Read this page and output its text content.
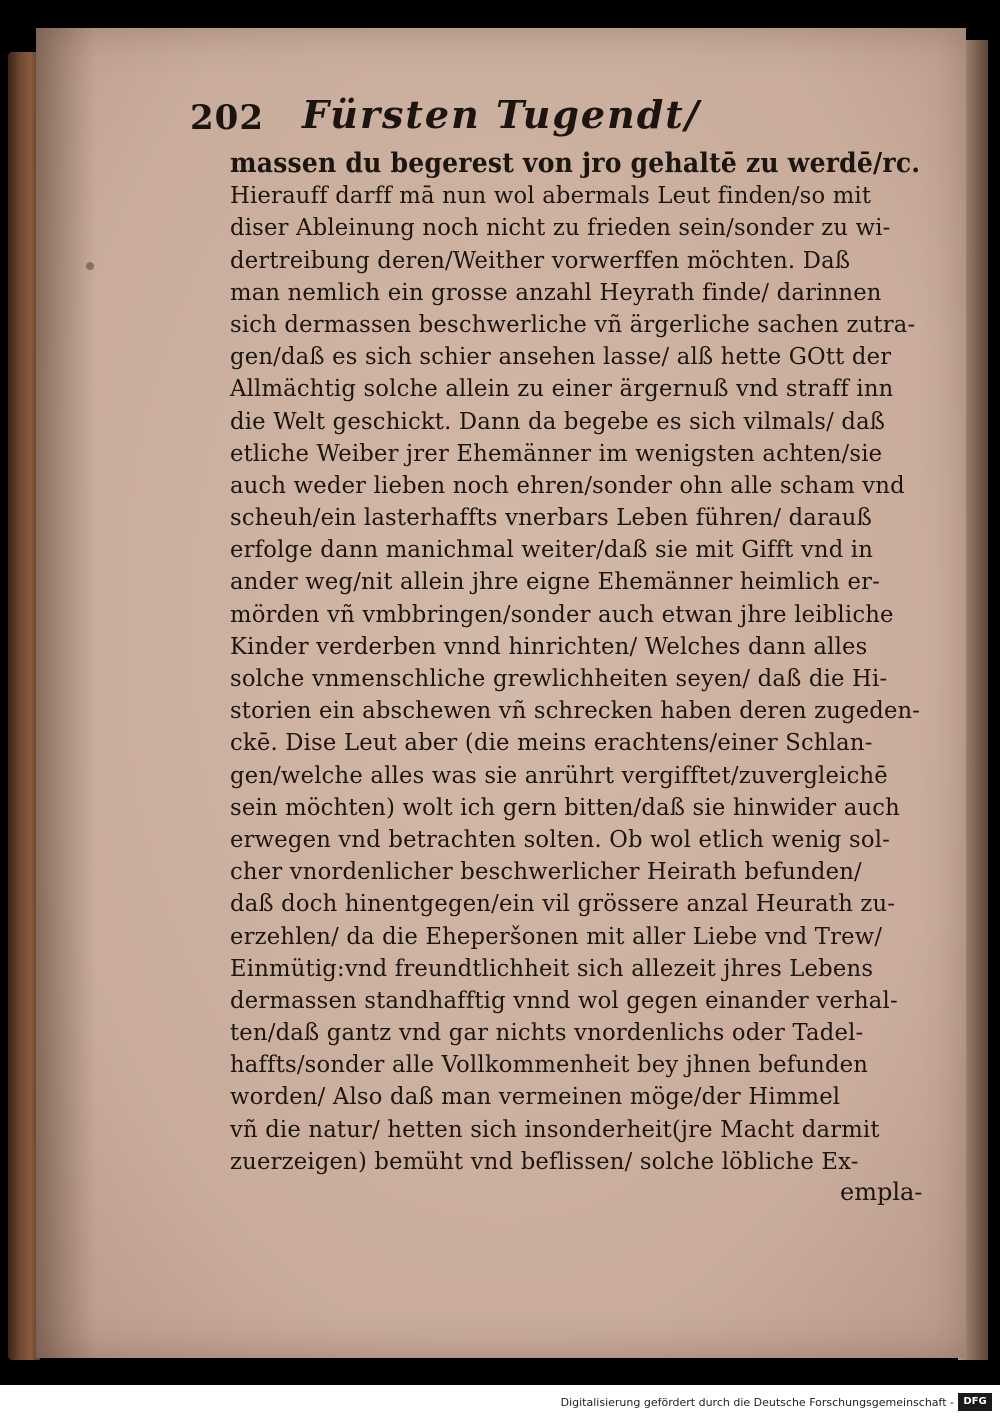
202 Fürsten Tugendt/
massen du begerest von jro gehaltē zu werdē/rc.
Hierauff darff mā nun wol abermals Leut finden/so mit
diser Ableinung noch nicht zu frieden sein/sonder zu wi-
dertreibung deren/Weither vorwerffen möchten. Daß
man nemlich ein grosse anzahl Heyrath finde/ darinnen
sich dermassen beschwerliche vñ ärgerliche sachen zutra-
gen/daß es sich schier ansehen lasse/ alß hette GOtt der
Allmächtig solche allein zu einer ärgernuß vnd straff inn
die Welt geschickt. Dann da begebe es sich vilmals/ daß
etliche Weiber jrer Ehemänner im wenigsten achten/sie
auch weder lieben noch ehren/sonder ohn alle scham vnd
scheuh/ein lasterhaffts vnerbars Leben führen/ darauß
erfolge dann manichmal weiter/daß sie mit Gifft vnd in
ander weg/nit allein jhre eigne Ehemänner heimlich er-
mörden vñ vmbbringen/sonder auch etwan jhre leibliche
Kinder verderben vnnd hinrichten/ Welches dann alles
solche vnmenschliche grewlichheiten seyen/ daß die Hi-
storien ein abschewen vñ schrecken haben deren zugeden-
ckē. Dise Leut aber (die meins erachtens/einer Schlan-
gen/welche alles was sie anrührt vergifftet/zuvergleichē
sein möchten) wolt ich gern bitten/daß sie hinwider auch
erwegen vnd betrachten solten. Ob wol etlich wenig sol-
cher vnordenlicher beschwerlicher Heirath befunden/
daß doch hinentgegen/ein vil grössere anzal Heurath zu-
erzehlen/ da die Eheperšonen mit aller Liebe vnd Trew/
Einmütig:vnd freundtlichheit sich allezeit jhres Lebens
dermassen standhafftig vnnd wol gegen einander verhal-
ten/daß gantz vnd gar nichts vnordenlichs oder Tadel-
haffts/sonder alle Vollkommenheit bey jhnen befunden
worden/ Also daß man vermeinen möge/der Himmel
vñ die natur/ hetten sich insonderheit(jre Macht darmit
zuerzeigen) bemüht vnd beflissen/ solche löbliche Ex-
empla-
Digitalisierung gefördert durch die Deutsche Forschungsgemeinschaft - DFG
